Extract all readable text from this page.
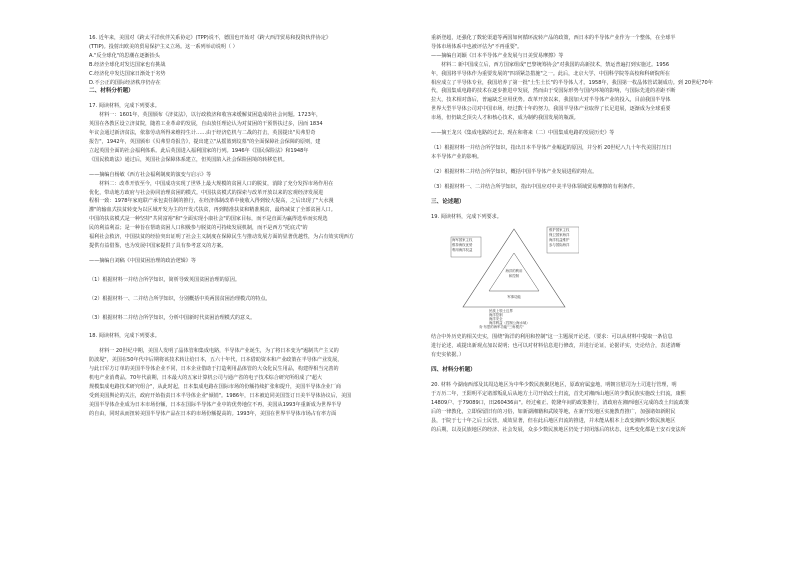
16. 近年来，美国对《跨太平洋伙伴关系协定》(TPP)说不，德国也开始对《跨大西洋贸易和投资伙伴协定》

(TTIP)。投射出欧美的贸易保护主义立场。这一系列举动说明（ ）

A."反全球化"的思潮在逐渐抬头

B.经济全球化对发达国家也有挑战

C.经济化中发达国家日渐处于劣势

D.不公正的国际经济秩序仍存在

二、材料分析题）

17. 阅读材料，完成下列要求。

材料一：1601年，英国颁布《济贫法》，以行政救济和收容来缓解贫困造成的社会问题。1723年，

英国在各教区设立济贫院，随着工业革命的发展，自由放任理论认为对贫困的干预帮扶过多，因而 1834

年议会通过新济贫法，依靠劳动所得来维持生计……由于经济危机与二战的打击，英国提出"贝弗里奇

报告"，1942年，英国颁布《贝弗里奇报告》，提出建立"从摇篮到坟墓"的全面保障社会保障的原则，建

立起英国全面的社会福利体系。此后英国进入福利国家的行列。1946年《国民保险法》和1948年

《国民救助法》通过后，英国社会保障体系建立，但英国陷入社会保险困境的转移危机。

——摘编自杨敏《西方社会福利制度的演变与启示》等

材料二：改革开放至今，中国成功实现了世界上最大规模的贫困人口的脱贫，消除了充分发挥市场作用在

优化，带动地方政府与社会协同治理贫困的模式。中国扶贫模式的探索与改革开放以来的宏观经济发展进

程相一致：1978年家庭联产承包责任制的推行，在经济体制改革中使收入得到较大提高，之后出现了"大水漫

灌"的输血式扶贫转变为以区域开发为主的开发式扶贫，再到精准扶贫和精准脱贫，最终减贫了全部贫困人口。

中国的扶贫模式是一种坚持"共同富裕"和"全面实现小康社会"的国家目标，而不是直面为赢得选举而实现选

民的利益利益；是一种旨在帮助贫困人口积极参与脱贫的可持续发展机制，而不是西方"托底式"的

福利社会救济，中国扶贫的经验突出证明了社会主义制度在保障民生与推动发展方面的显著优越性，为占有效实现西方

提供有益借鉴，也为发展中国家提供了具有参考意义的方案。

——摘编自刘稿《中国贫困治理的政治逻辑》等

（1）根据材料一并结合所学知识，简析导致英国贫困治理的原因。

（2）根据材料一、二并结合所学知识，分别概括中英两国贫困治理模式的特点。

（3）根据材料二并结合所学知识，分析中国新时代贫困治理模式的意义。

18. 阅读材料，完成下列要求。

材料一 20世纪中期，美国人发明了晶体管和集成电路，半导体产业诞生，为了将日本变为"遏制共产主义的

防波堤"，美国在50年代中后期将该技术转让给日本，五六十年代，日本借助资本和产业政策在半导体产业发展，

与此日军方订单的美国半导体企业不同，日本企业借助于打造利用晶体管的大众化民生用品，构建得相当完善的

机电产业消费品。70年代前期，日本最大的五家计算机公司与通产省的电子技术综合研究所组成了"超大

规模集成电路技术研究组合"，从此时起，日本集成电路在国际市场的份额持续扩张和提升，美国半导体企业厂商

受到美国舆论的关注，政府开始指责日本半导体企业"倾销"。1986年，日本被迫同美国签订日美半导体协议后，美国

美国半导体企业成为日本市场份额，日本在国际半导体产业中的优势地位不再，美国从1993年重新成为世界半导

的自由，同时从而扭转美国半导体产品在日本的市场份额提高的。1993年，美国在世界半导体市场占有率方面

重新登超，还强化了数轮渠道等两国如何循环流转产品的政策，西日本的半导体产业作为一个整体，在全球半

导体市场体系中也被评估为"不再重要"。

——摘编自刘颖《日本半导体产业发展与日美贸易摩擦》等

材料二 新中国成立后，西方国家组成"巴黎统筹协会"对我国的高新技术，禁运普遍打到实施过。1956

年，我国将半导体作为重要发展的"四项紧急措施"之一。此后，北京大学、中国科学院等高校和科研院所在

相应成立了半导体专业，我国培养了第一批"土生土长"的半导体人才。1958年，我国第一枚晶体管试制成功。到 20世纪70年

代，我国集成电路的技术在逐步推进中发展，然而由于受国际形势与国内环境的影响，与国际先进的差距不断

拉大，技术相对落后，普遍缺乏应用优势。改革开放以来，我国加大对半导体产业的投入，目前我国半导体

世界大型半导体公司对中国市场，经过数十年的努力，我国半导体产业取得了长足进展，逐渐成为全球重要

市场，但仍缺乏顶尖人才和核心技术，成为制约我国发展的瓶颈。

——摘王龙兴《集成电路的过去、现在和将来（二）中国集成电路的发展历史》等

（1）根据材料一并结合所学知识，指出日本半导体产业崛起的原因，并分析 20世纪八九十年代美国打压日

本半导体产业的影响。

（2）根据材料二并结合所学知识，概括中国半导体产业发展进程的特点。

（3）根据材料一、二并结合所学知识，指出中国应对中美半导体领域贸易摩擦的有利条件。

三、论述题）

19. 阅读材料，完成下列要求。

海军国家主权
维持海权优势
利用海洋权益
维护国家主权
保卫国家海洋
海洋权益维护
参与国际海洋
海洋的利用
和控制
军事功能
民族上领土边界
海洋控制
海洋安全
海洋利益（控制公海水域）
肯·布思的海军功能"三角模式"

结合中外历史的相关史实，围绕"海洋的利用和控制"这一主题展开论述。（要求：可以从材料中提取一条信息

进行论述，或提出新观点加以说明；也可以对材料信息进行修改，并进行论证，论据详实，史论结合，表述清晰

有史实依据。）

四、材料分析题）

20. 材料 今湖南西部及其周边地区为中华少数民族聚居地区，原政府属蛮地，明朝宣慰司为土司进行管理，明

于万历二年，王阳明平定诸部叛乱后从地方土司开始改土归流，首先对湘西山地区的少数民族实施改土归流，康熙

14809户、于79089口，田260436亩"。经过雍正、乾隆年间的政策推行，清政府在湘西地区完成的改土归流政策

后的一律教化，立即保留旧有的习俗，如新湖湘籍和武陵等地，在新开发地区实施教育推广，加强诸如新附民

县，于院于七十年之后土民营，成效显著，但在此后地区归流的推进，并未能从根本上改变湘西少数民族地区

的后期，以及民族地区的经济、社会发展，众多少数民族地区仍处于封闭落后的状态，这些变化都是王安石变法所
